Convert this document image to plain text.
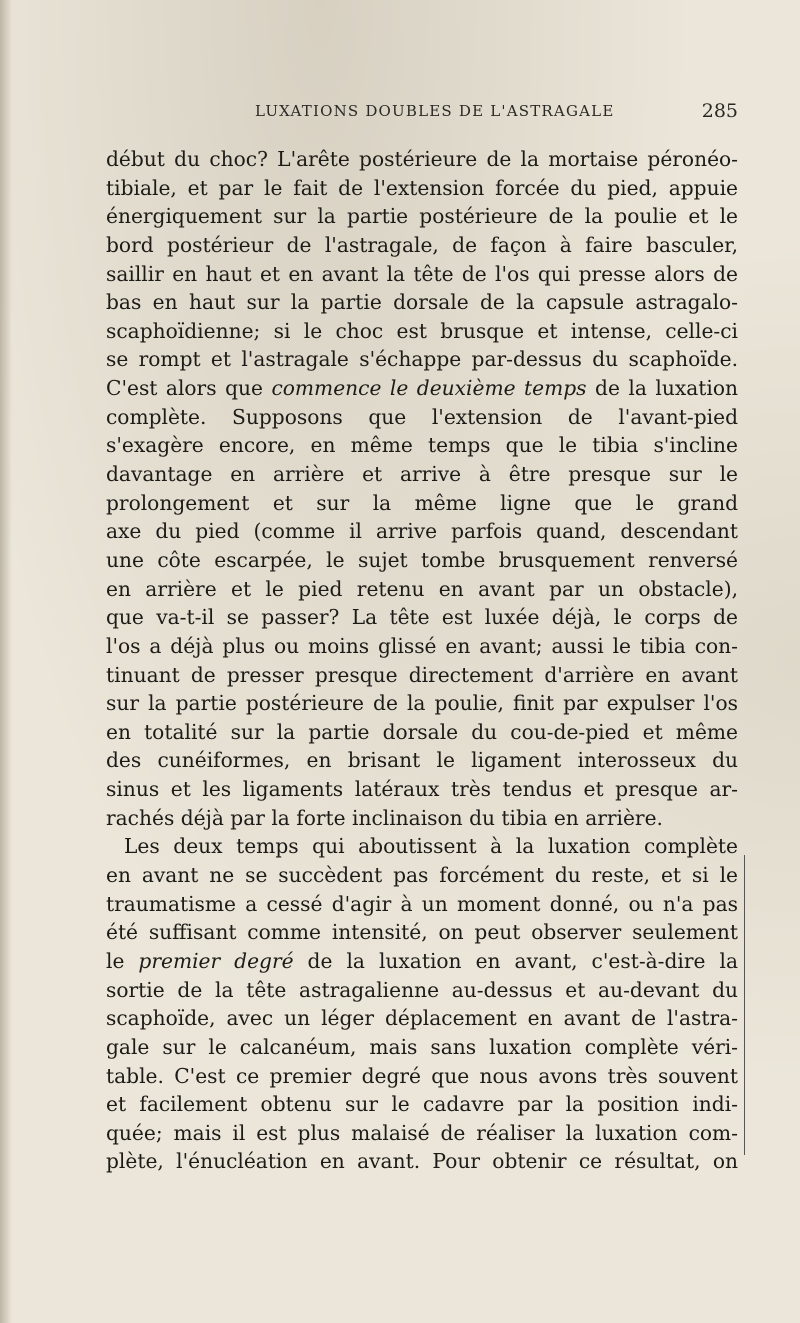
LUXATIONS DOUBLES DE L'ASTRAGALE	285
début du choc? L'arête postérieure de la mortaise péronéo-
tibiale, et par le fait de l'extension forcée du pied, appuie
énergiquement sur la partie postérieure de la poulie et le
bord postérieur de l'astragale, de façon à faire basculer,
saillir en haut et en avant la tête de l'os qui presse alors de
bas en haut sur la partie dorsale de la capsule astragalo-
scaphoïdienne; si le choc est brusque et intense, celle-ci
se rompt et l'astragale s'échappe par-dessus du scaphoïde.
C'est alors que commence le deuxième temps de la luxation
complète. Supposons que l'extension de l'avant-pied
s'exagère encore, en même temps que le tibia s'incline
davantage en arrière et arrive à être presque sur le
prolongement et sur la même ligne que le grand
axe du pied (comme il arrive parfois quand, descendant
une côte escarpée, le sujet tombe brusquement renversé
en arrière et le pied retenu en avant par un obstacle),
que va-t-il se passer? La tête est luxée déjà, le corps de
l'os a déjà plus ou moins glissé en avant; aussi le tibia con-
tinuant de presser presque directement d'arrière en avant
sur la partie postérieure de la poulie, finit par expulser l'os
en totalité sur la partie dorsale du cou-de-pied et même
des cunéiformes, en brisant le ligament interosseux du
sinus et les ligaments latéraux très tendus et presque ar-
rachés déjà par la forte inclinaison du tibia en arrière.
Les deux temps qui aboutissent à la luxation complète
en avant ne se succèdent pas forcément du reste, et si le
traumatisme a cessé d'agir à un moment donné, ou n'a pas
été suffisant comme intensité, on peut observer seulement
le premier degré de la luxation en avant, c'est-à-dire la
sortie de la tête astragalienne au-dessus et au-devant du
scaphoïde, avec un léger déplacement en avant de l'astra-
gale sur le calcanéum, mais sans luxation complète véri-
table. C'est ce premier degré que nous avons très souvent
et facilement obtenu sur le cadavre par la position indi-
quée; mais il est plus malaisé de réaliser la luxation com-
plète, l'énucléation en avant. Pour obtenir ce résultat, on
